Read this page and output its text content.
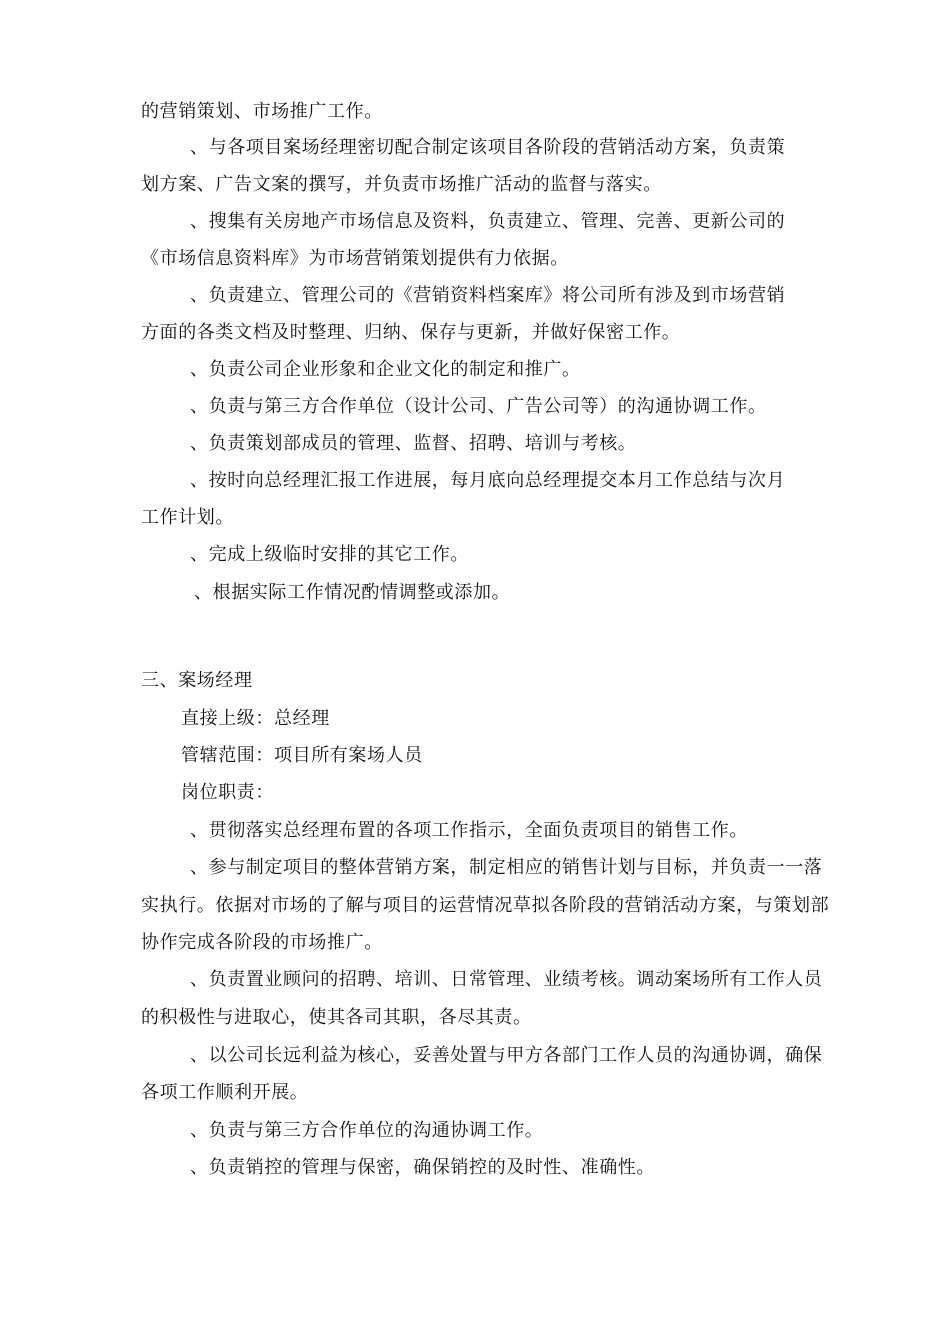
的营销策划、市场推广工作。
、与各项目案场经理密切配合制定该项目各阶段的营销活动方案，负责策
划方案、广告文案的撰写，并负责市场推广活动的监督与落实。
、搜集有关房地产市场信息及资料，负责建立、管理、完善、更新公司的
《市场信息资料库》为市场营销策划提供有力依据。
、负责建立、管理公司的《营销资料档案库》将公司所有涉及到市场营销
方面的各类文档及时整理、归纳、保存与更新，并做好保密工作。
、负责公司企业形象和企业文化的制定和推广。
、负责与第三方合作单位（设计公司、广告公司等）的沟通协调工作。
、负责策划部成员的管理、监督、招聘、培训与考核。
、按时向总经理汇报工作进展，每月底向总经理提交本月工作总结与次月
工作计划。
、完成上级临时安排的其它工作。
、根据实际工作情况酌情调整或添加。
三、案场经理
直接上级：总经理
管辖范围：项目所有案场人员
岗位职责：
、贯彻落实总经理布置的各项工作指示，全面负责项目的销售工作。
、参与制定项目的整体营销方案，制定相应的销售计划与目标，并负责一一落
实执行。依据对市场的了解与项目的运营情况草拟各阶段的营销活动方案，与策划部
协作完成各阶段的市场推广。
、负责置业顾问的招聘、培训、日常管理、业绩考核。调动案场所有工作人员
的积极性与进取心，使其各司其职，各尽其责。
、以公司长远利益为核心，妥善处置与甲方各部门工作人员的沟通协调，确保
各项工作顺利开展。
、负责与第三方合作单位的沟通协调工作。
、负责销控的管理与保密，确保销控的及时性、准确性。
